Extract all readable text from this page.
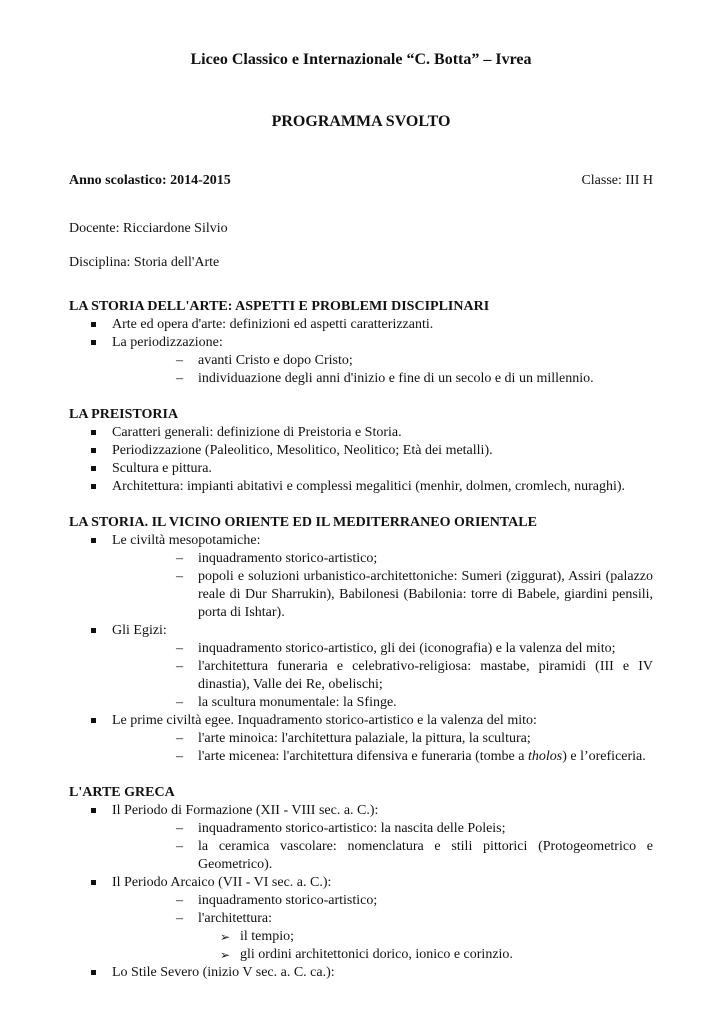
Liceo Classico e Internazionale “C. Botta” – Ivrea

PROGRAMMA SVOLTO

Anno scolastico: 2014-2015	Classe: III H
Docente: Ricciardone Silvio
Disciplina: Storia dell'Arte

LA STORIA DELL'ARTE: ASPETTI E PROBLEMI DISCIPLINARI

Arte ed opera d'arte: definizioni ed aspetti caratterizzanti.
La periodizzazione:
– avanti Cristo e dopo Cristo;
– individuazione degli anni d'inizio e fine di un secolo e di un millennio.

LA PREISTORIA

Caratteri generali: definizione di Preistoria e Storia.
Periodizzazione (Paleolitico, Mesolitico, Neolitico; Età dei metalli).
Scultura e pittura.
Architettura: impianti abitativi e complessi megalitici (menhir, dolmen, cromlech, nuraghi).

LA STORIA. IL VICINO ORIENTE ED IL MEDITERRANEO ORIENTALE

Le civiltà mesopotamiche:
– inquadramento storico-artistico;
– popoli e soluzioni urbanistico-architettoniche: Sumeri (ziggurat), Assiri (palazzo reale di Dur Sharrukin), Babilonesi (Babilonia: torre di Babele, giardini pensili, porta di Ishtar).
Gli Egizi:
– inquadramento storico-artistico, gli dei (iconografia) e la valenza del mito;
– l'architettura funeraria e celebrativo-religiosa: mastabe, piramidi (III e IV dinastia), Valle dei Re, obelischi;
– la scultura monumentale: la Sfinge.
Le prime civiltà egee. Inquadramento storico-artistico e la valenza del mito:
– l'arte minoica: l'architettura palaziale, la pittura, la scultura;
– l'arte micenea: l'architettura difensiva e funeraria (tombe a tholos) e l’oreficeria.

L'ARTE GRECA

Il Periodo di Formazione (XII - VIII sec. a. C.):
– inquadramento storico-artistico: la nascita delle Poleis;
– la ceramica vascolare: nomenclatura e stili pittorici (Protogeometrico e Geometrico).
Il Periodo Arcaico (VII - VI sec. a. C.):
– inquadramento storico-artistico;
– l'architettura:
➢ il tempio;
➢ gli ordini architettonici dorico, ionico e corinzio.
Lo Stile Severo (inizio V sec. a. C. ca.):
